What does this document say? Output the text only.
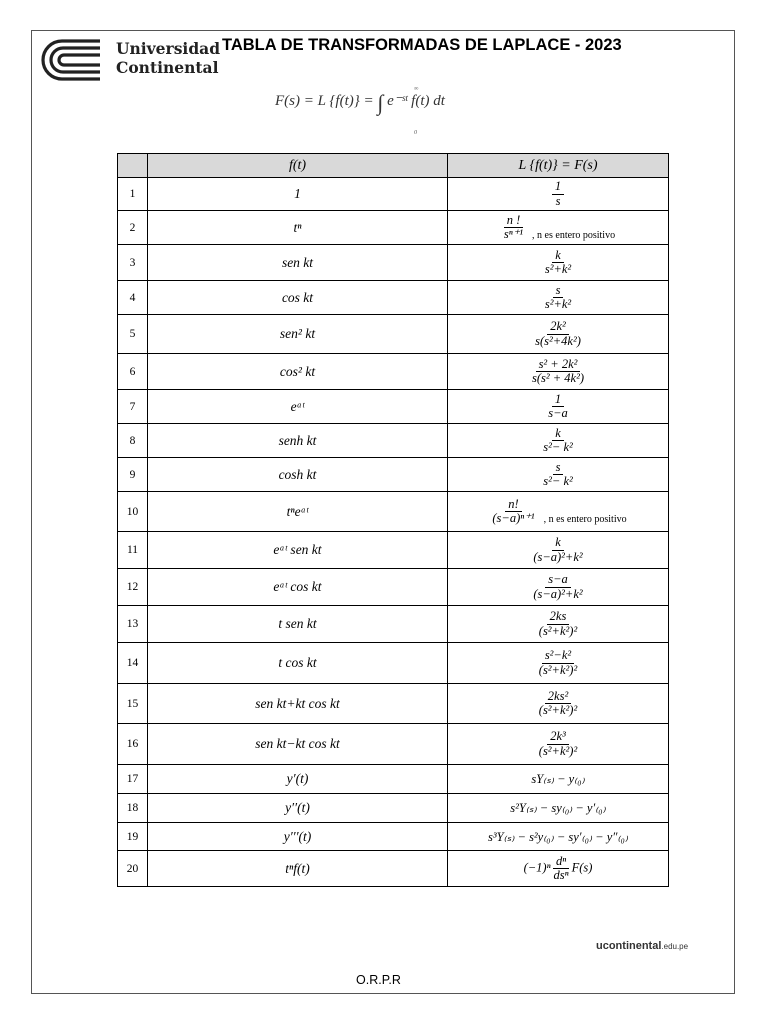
Universidad
Continental
TABLA DE TRANSFORMADAS DE LAPLACE - 2023
F(s) = L {f(t)} = ∫
∞
0
e⁻ˢᵗ f(t) dt
	f(t)	L {f(t)} = F(s)
1	1	$\frac{1}{s}$

2	tⁿ	$\frac{n !}{\text{sⁿ⁺¹}} _{, n es entero positivo}$
3	sen kt	$\frac{k}{\text{s²+k²}}$

4	cos kt	$\frac{s}{\text{s²+k²}}$

5	sen² kt	$\frac{\text{2k²}}{\text{s(s²+4k²)}}$

6	cos² kt	$\frac{\text{s² + 2k²}}{\text{s(s² + 4k²)}}$

7	eᵃᵗ	$\frac{1}{s-a}$

8	senh kt	$\frac{k}{\text{s²− k²}}$

9	cosh kt	$\frac{s}{\text{s²− k²}}$

10	tⁿeᵃᵗ	$\frac{n!}{\text{(s−a)ⁿ⁺¹}} _{, n es entero positivo}$
11	eᵃᵗ sen kt	$\frac{k}{\text{(s−a)²+k²}}$

12	eᵃᵗ cos kt	$\frac{s-a}{\text{(s−a)²+k²}}$

13	t sen kt	$\frac{2ks}{\text{(s²+k²)²}}$

14	t cos kt	$\frac{\text{s²−k²}}{\text{(s²+k²)²}}$

15	sen kt+kt cos kt	$\frac{\text{2ks²}}{\text{(s²+k²)²}}$

16	sen kt−kt cos kt	$\frac{\text{2k³}}{\text{(s²+k²)²}}$

17	y′(t)	sY₍ₛ₎ − y₍₀₎
18	y′′(t)	s²Y₍ₛ₎ − sy₍₀₎ − y′₍₀₎
19	y′′′(t)	s³Y₍ₛ₎ − s²y₍₀₎ − sy′₍₀₎ − y″₍₀₎
20	tⁿf(t)	$(-1)^n \frac{\text{dⁿ}}{\text{dsⁿ}} F(s)$
ucontinental.edu.pe
O.R.P.R
